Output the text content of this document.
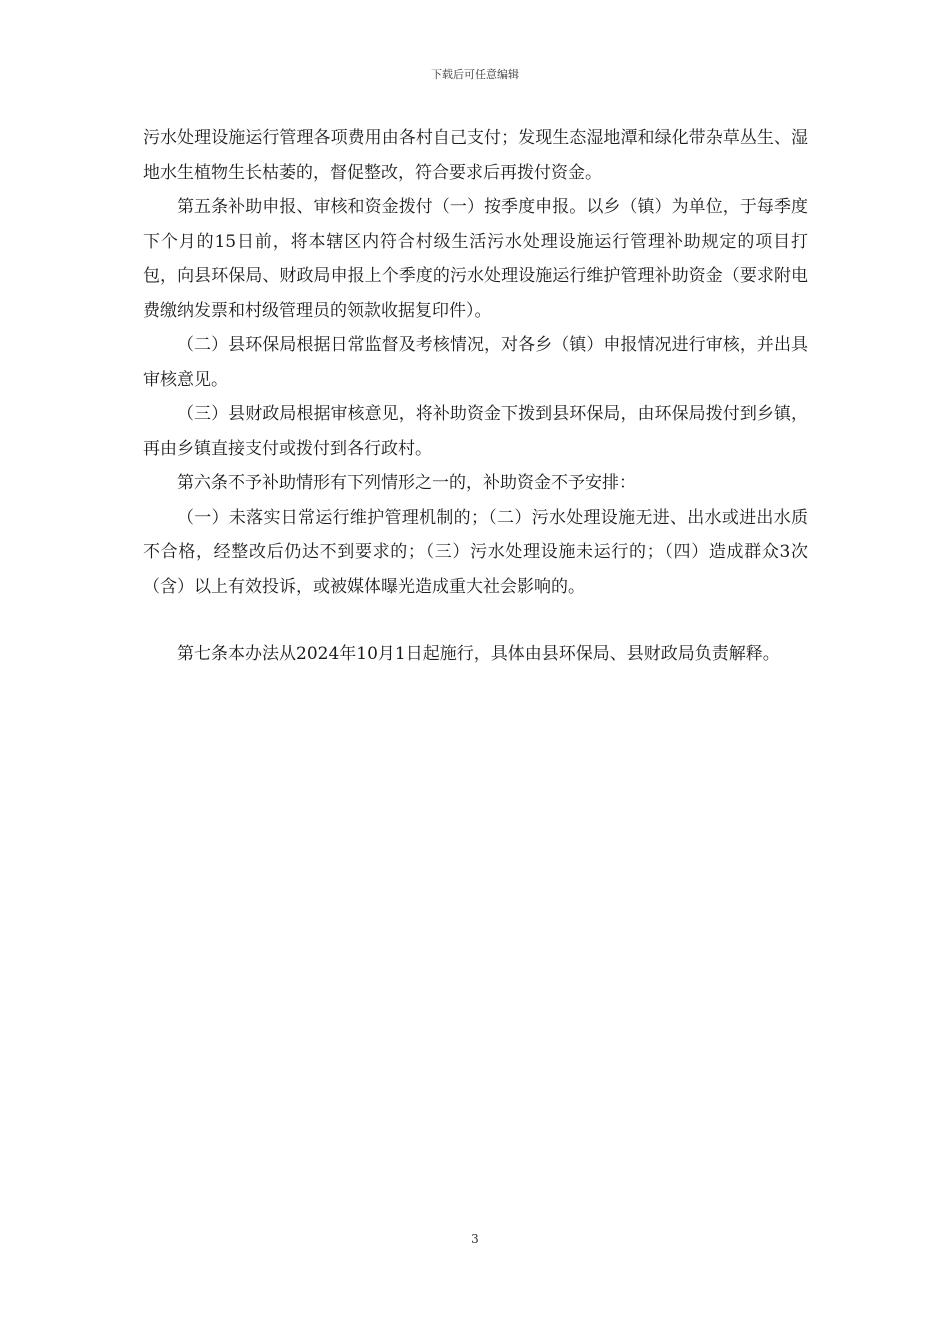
下载后可任意编辑

污水处理设施运行管理各项费用由各村自己支付；发现生态湿地潭和绿化带杂草丛生、湿地水生植物生长枯萎的，督促整改，符合要求后再拨付资金。

第五条补助申报、审核和资金拨付（一）按季度申报。以乡（镇）为单位，于每季度下个月的15日前，将本辖区内符合村级生活污水处理设施运行管理补助规定的项目打包，向县环保局、财政局申报上个季度的污水处理设施运行维护管理补助资金（要求附电费缴纳发票和村级管理员的领款收据复印件）。

（二）县环保局根据日常监督及考核情况，对各乡（镇）申报情况进行审核，并出具审核意见。

（三）县财政局根据审核意见，将补助资金下拨到县环保局，由环保局拨付到乡镇，再由乡镇直接支付或拨付到各行政村。

第六条不予补助情形有下列情形之一的，补助资金不予安排：

（一）未落实日常运行维护管理机制的；（二）污水处理设施无进、出水或进出水质不合格，经整改后仍达不到要求的；（三）污水处理设施未运行的；（四）造成群众3次（含）以上有效投诉，或被媒体曝光造成重大社会影响的。

第七条本办法从2024年10月1日起施行，具体由县环保局、县财政局负责解释。

3
